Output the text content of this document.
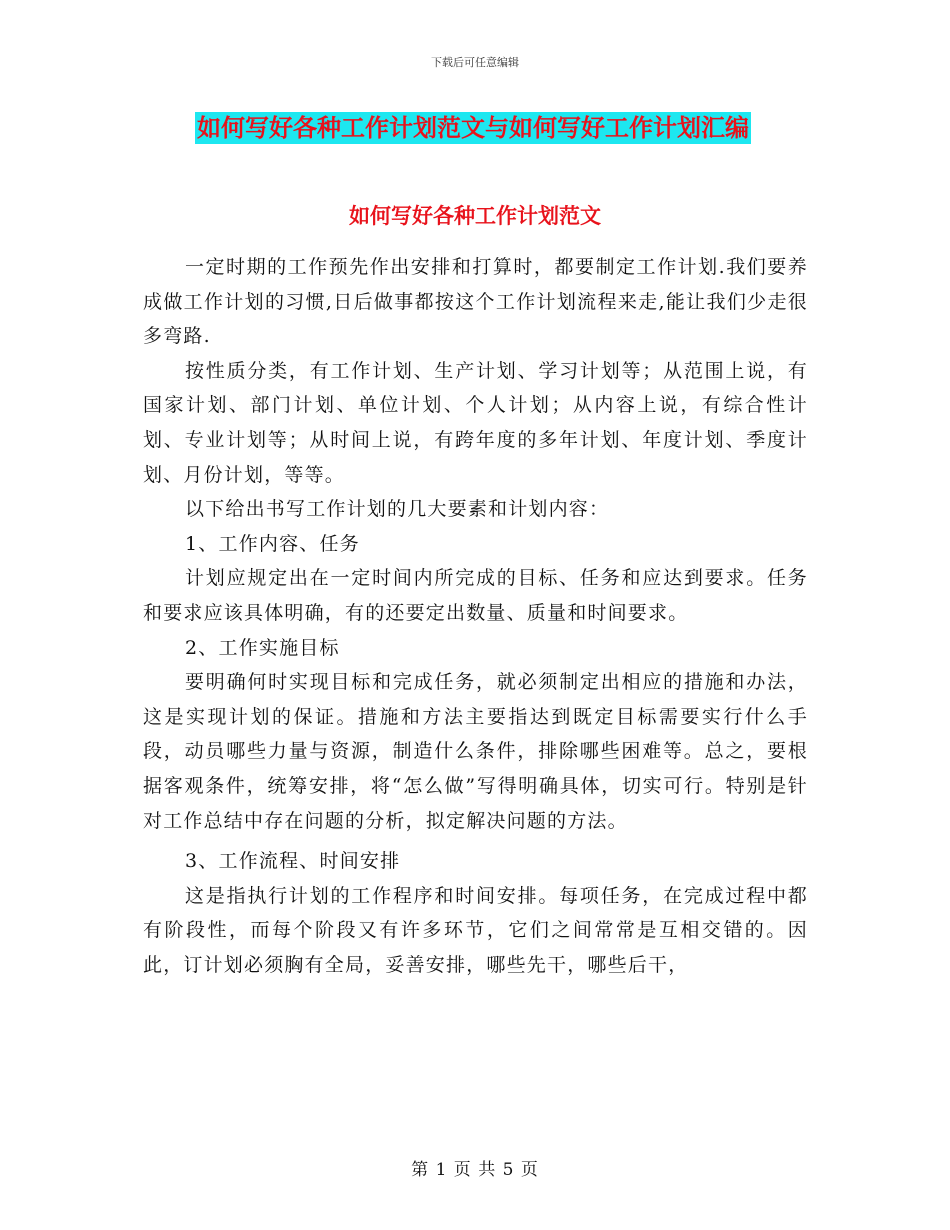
下载后可任意编辑
如何写好各种工作计划范文与如何写好工作计划汇编
如何写好各种工作计划范文

一定时期的工作预先作出安排和打算时，都要制定工作计划.我们要养成做工作计划的习惯,日后做事都按这个工作计划流程来走,能让我们少走很多弯路.

按性质分类，有工作计划、生产计划、学习计划等；从范围上说，有国家计划、部门计划、单位计划、个人计划；从内容上说，有综合性计划、专业计划等；从时间上说，有跨年度的多年计划、年度计划、季度计划、月份计划，等等。

以下给出书写工作计划的几大要素和计划内容：

1、工作内容、任务

计划应规定出在一定时间内所完成的目标、任务和应达到要求。任务和要求应该具体明确，有的还要定出数量、质量和时间要求。

2、工作实施目标

要明确何时实现目标和完成任务，就必须制定出相应的措施和办法，这是实现计划的保证。措施和方法主要指达到既定目标需要实行什么手段，动员哪些力量与资源，制造什么条件，排除哪些困难等。总之，要根据客观条件，统筹安排，将“怎么做”写得明确具体，切实可行。特别是针对工作总结中存在问题的分析，拟定解决问题的方法。

3、工作流程、时间安排

这是指执行计划的工作程序和时间安排。每项任务，在完成过程中都有阶段性，而每个阶段又有许多环节，它们之间常常是互相交错的。因此，订计划必须胸有全局，妥善安排，哪些先干，哪些后干，

第 1 页 共 5 页
